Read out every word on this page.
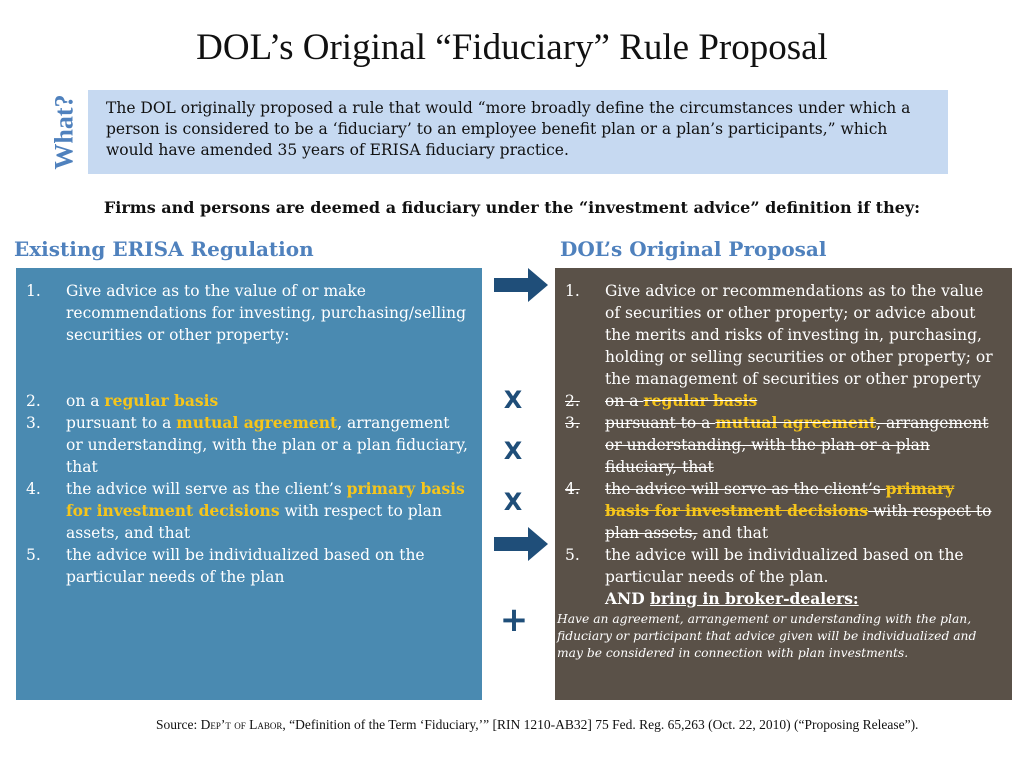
DOL’s Original “Fiduciary” Rule Proposal
What?	The DOL originally proposed a rule that would “more broadly define the circumstances under which a person is considered to be a ‘fiduciary’ to an employee benefit plan or a plan’s participants,” which would have amended 35 years of ERISA fiduciary practice.
Firms and persons are deemed a fiduciary under the “investment advice” definition if they:
Existing ERISA Regulation	DOL’s Original Proposal
1. Give advice as to the value of or make recommendations for investing, purchasing/selling securities or other property:
2. on a regular basis
3. pursuant to a mutual agreement, arrangement or understanding, with the plan or a plan fiduciary, that
4. the advice will serve as the client’s primary basis for investment decisions with respect to plan assets, and that
5. the advice will be individualized based on the particular needs of the plan
1. Give advice or recommendations as to the value of securities or other property; or advice about the merits and risks of investing in, purchasing, holding or selling securities or other property; or the management of securities or other property
2. on a regular basis
3. pursuant to a mutual agreement, arrangement or understanding, with the plan or a plan fiduciary, that
4. the advice will serve as the client’s primary basis for investment decisions with respect to plan assets, and that
5. the advice will be individualized based on the particular needs of the plan.
AND bring in broker-dealers:
Have an agreement, arrangement or understanding with the plan, fiduciary or participant that advice given will be individualized and may be considered in connection with plan investments.
X
X
X
+
Source: Dep’t of Labor, “Definition of the Term ‘Fiduciary,’” [RIN 1210-AB32] 75 Fed. Reg. 65,263 (Oct. 22, 2010) (“Proposing Release”).
